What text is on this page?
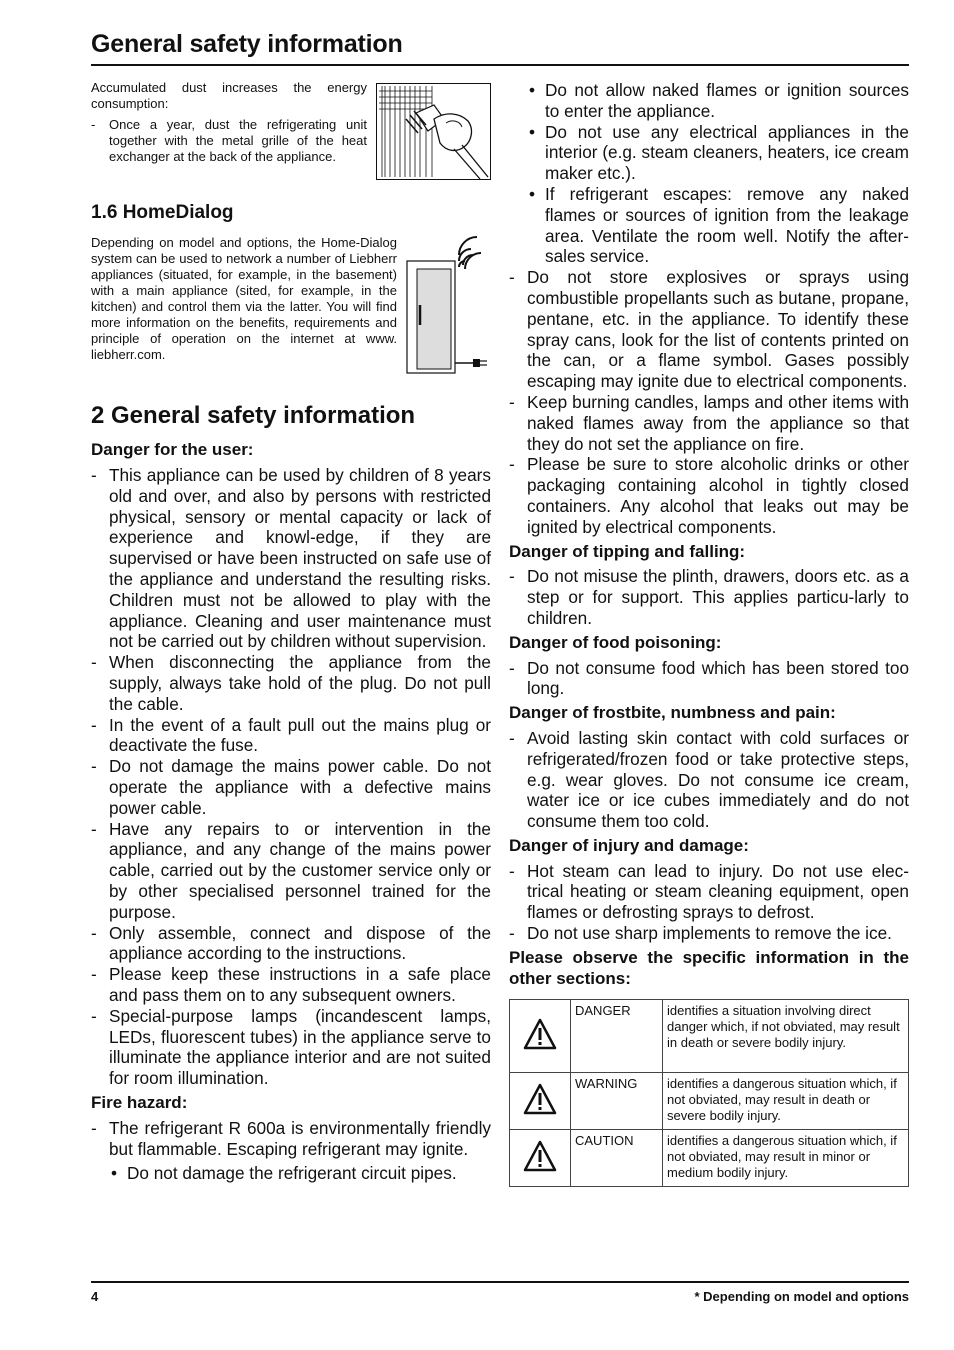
General safety information

Accumulated dust increases the energy consumption:

- Once a year, dust the refrigerating unit together with the metal grille of the heat exchanger at the back of the appliance.
1.6 HomeDialog

Depending on model and options, the Home-Dialog system can be used to network a number of Liebherr appliances (situated, for example, in the basement) with a main appliance (sited, for example, in the kitchen) and control them via the latter. You will find more information on the benefits, requirements and principle of operation on the internet at www. liebherr.com.

2 General safety information
Danger for the user:
- This appliance can be used by children of 8 years old and over, and also by persons with restricted physical, sensory or mental capacity or lack of experience and knowl-edge, if they are supervised or have been instructed on safe use of the appliance and understand the resulting risks. Children must not be allowed to play with the appliance. Cleaning and user maintenance must not be carried out by children without supervision.
- When disconnecting the appliance from the supply, always take hold of the plug. Do not pull the cable.
- In the event of a fault pull out the mains plug or deactivate the fuse.
- Do not damage the mains power cable. Do not operate the appliance with a defective mains power cable.
- Have any repairs to or intervention in the appliance, and any change of the mains power cable, carried out by the customer service only or by other specialised personnel trained for the purpose.
- Only assemble, connect and dispose of the appliance according to the instructions.
- Please keep these instructions in a safe place and pass them on to any subsequent owners.
- Special-purpose lamps (incandescent lamps, LEDs, fluorescent tubes) in the appliance serve to illuminate the appliance interior and are not suited for room illumination.
Fire hazard:
- The refrigerant R 600a is environmentally friendly but flammable. Escaping refrigerant may ignite.
• Do not damage the refrigerant circuit pipes.
• Do not allow naked flames or ignition sources to enter the appliance.
• Do not use any electrical appliances in the interior (e.g. steam cleaners, heaters, ice cream maker etc.).
• If refrigerant escapes: remove any naked flames or sources of ignition from the leakage area. Ventilate the room well. Notify the after-sales service.
- Do not store explosives or sprays using combustible propellants such as butane, propane, pentane, etc. in the appliance. To identify these spray cans, look for the list of contents printed on the can, or a flame symbol. Gases possibly escaping may ignite due to electrical components.
- Keep burning candles, lamps and other items with naked flames away from the appliance so that they do not set the appliance on fire.
- Please be sure to store alcoholic drinks or other packaging containing alcohol in tightly closed containers. Any alcohol that leaks out may be ignited by electrical components.
Danger of tipping and falling:
- Do not misuse the plinth, drawers, doors etc. as a step or for support. This applies particu-larly to children.
Danger of food poisoning:
- Do not consume food which has been stored too long.
Danger of frostbite, numbness and pain:
- Avoid lasting skin contact with cold surfaces or refrigerated/frozen food or take protective steps, e.g. wear gloves. Do not consume ice cream, water ice or ice cubes immediately and do not consume them too cold.
Danger of injury and damage:
- Hot steam can lead to injury. Do not use elec-trical heating or steam cleaning equipment, open flames or defrosting sprays to defrost.
- Do not use sharp implements to remove the ice.
Please observe the specific information in the other sections:
	DANGER	identifies a situation involving direct danger which, if not obviated, may result in death or severe bodily injury.
	WARNING	identifies a dangerous situation which, if not obviated, may result in death or severe bodily injury.
	CAUTION	identifies a dangerous situation which, if not obviated, may result in minor or medium bodily injury.
4	* Depending on model and options
